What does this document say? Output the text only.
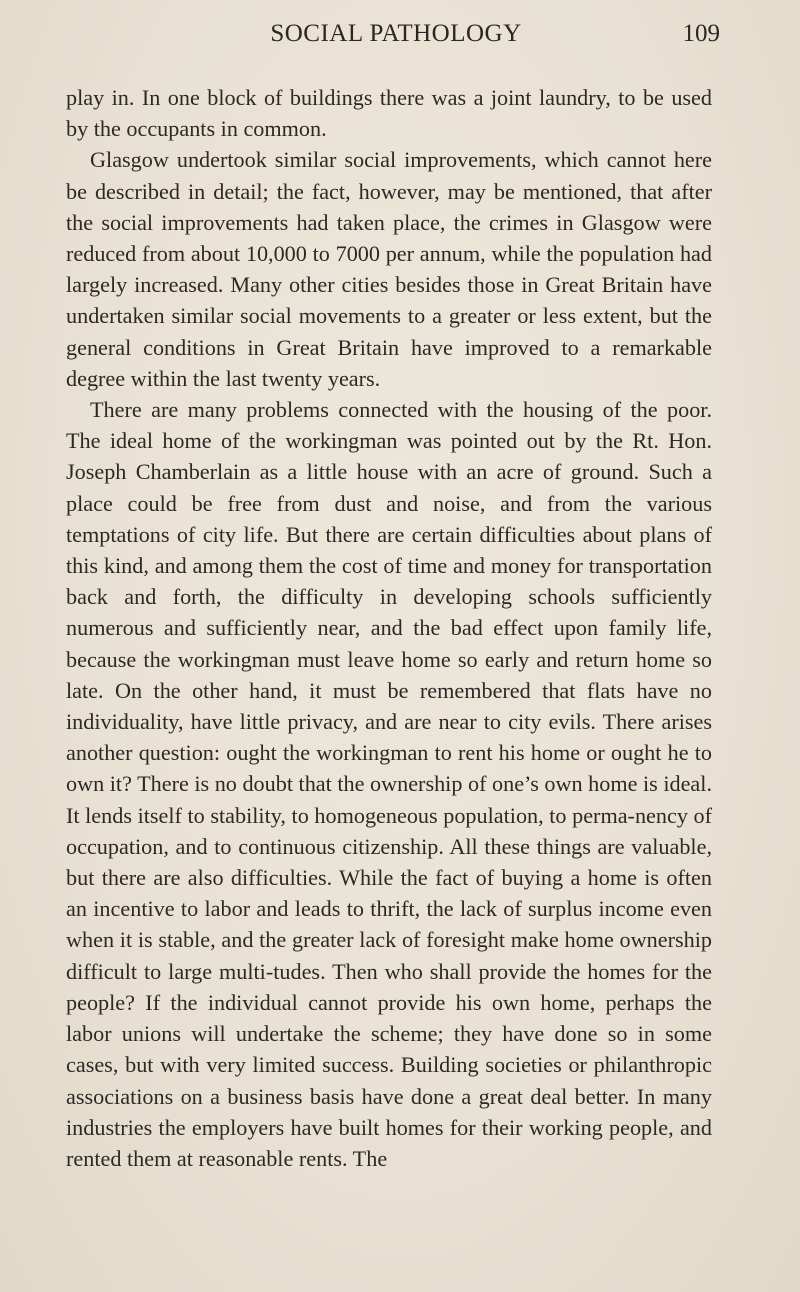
SOCIAL PATHOLOGY	109

play in. In one block of buildings there was a joint laundry, to be used by the occupants in common.

Glasgow undertook similar social improvements, which cannot here be described in detail; the fact, however, may be mentioned, that after the social improvements had taken place, the crimes in Glasgow were reduced from about 10,000 to 7000 per annum, while the population had largely increased. Many other cities besides those in Great Britain have undertaken similar social movements to a greater or less extent, but the general conditions in Great Britain have improved to a remarkable degree within the last twenty years.

There are many problems connected with the housing of the poor. The ideal home of the workingman was pointed out by the Rt. Hon. Joseph Chamberlain as a little house with an acre of ground. Such a place could be free from dust and noise, and from the various temptations of city life. But there are certain difficulties about plans of this kind, and among them the cost of time and money for transportation back and forth, the difficulty in developing schools sufficiently numerous and sufficiently near, and the bad effect upon family life, because the workingman must leave home so early and return home so late. On the other hand, it must be remembered that flats have no individuality, have little privacy, and are near to city evils. There arises another question: ought the workingman to rent his home or ought he to own it? There is no doubt that the ownership of one’s own home is ideal. It lends itself to stability, to homogeneous population, to perma-nency of occupation, and to continuous citizenship. All these things are valuable, but there are also difficulties. While the fact of buying a home is often an incentive to labor and leads to thrift, the lack of surplus income even when it is stable, and the greater lack of foresight make home ownership difficult to large multi-tudes. Then who shall provide the homes for the people? If the individual cannot provide his own home, perhaps the labor unions will undertake the scheme; they have done so in some cases, but with very limited success. Building societies or philanthropic associations on a business basis have done a great deal better. In many industries the employers have built homes for their working people, and rented them at reasonable rents. The
